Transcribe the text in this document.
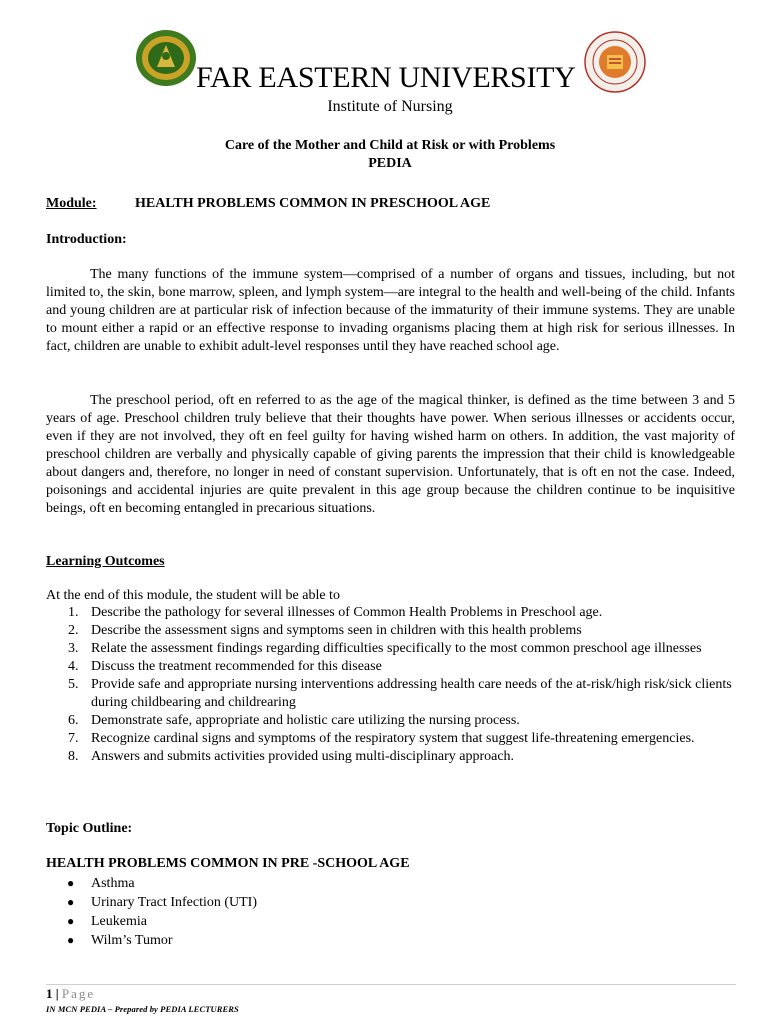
FAR EASTERN UNIVERSITY
Institute of Nursing
Care of the Mother and Child at Risk or with Problems
PEDIA
Module:	HEALTH PROBLEMS COMMON IN PRESCHOOL AGE
Introduction:

The many functions of the immune system—comprised of a number of organs and tissues, including, but not limited to, the skin, bone marrow, spleen, and lymph system—are integral to the health and well-being of the child. Infants and young children are at particular risk of infection because of the immaturity of their immune systems. They are unable to mount either a rapid or an effective response to invading organisms placing them at high risk for serious illnesses. In fact, children are unable to exhibit adult-level responses until they have reached school age.

The preschool period, oft en referred to as the age of the magical thinker, is defined as the time between 3 and 5 years of age. Preschool children truly believe that their thoughts have power. When serious illnesses or accidents occur, even if they are not involved, they oft en feel guilty for having wished harm on others. In addition, the vast majority of preschool children are verbally and physically capable of giving parents the impression that their child is knowledgeable about dangers and, therefore, no longer in need of constant supervision. Unfortunately, that is oft en not the case. Indeed, poisonings and accidental injuries are quite prevalent in this age group because the children continue to be inquisitive beings, oft en becoming entangled in precarious situations.

Learning Outcomes

At the end of this module, the student will be able to

1. Describe the pathology for several illnesses of Common Health Problems in Preschool age.
2. Describe the assessment signs and symptoms seen in children with this health problems
3. Relate the assessment findings regarding difficulties specifically to the most common preschool age illnesses
4. Discuss the treatment recommended for this disease
5. Provide safe and appropriate nursing interventions addressing health care needs of the at-risk/high risk/sick clients during childbearing and childrearing
6. Demonstrate safe, appropriate and holistic care utilizing the nursing process.
7. Recognize cardinal signs and symptoms of the respiratory system that suggest life-threatening emergencies.
8. Answers and submits activities provided using multi-disciplinary approach.
Topic Outline:
HEALTH PROBLEMS COMMON IN PRE -SCHOOL AGE
● Asthma
● Urinary Tract Infection (UTI)
● Leukemia
● Wilm’s Tumor
1 | Page
IN MCN PEDIA – Prepared by PEDIA LECTURERS
